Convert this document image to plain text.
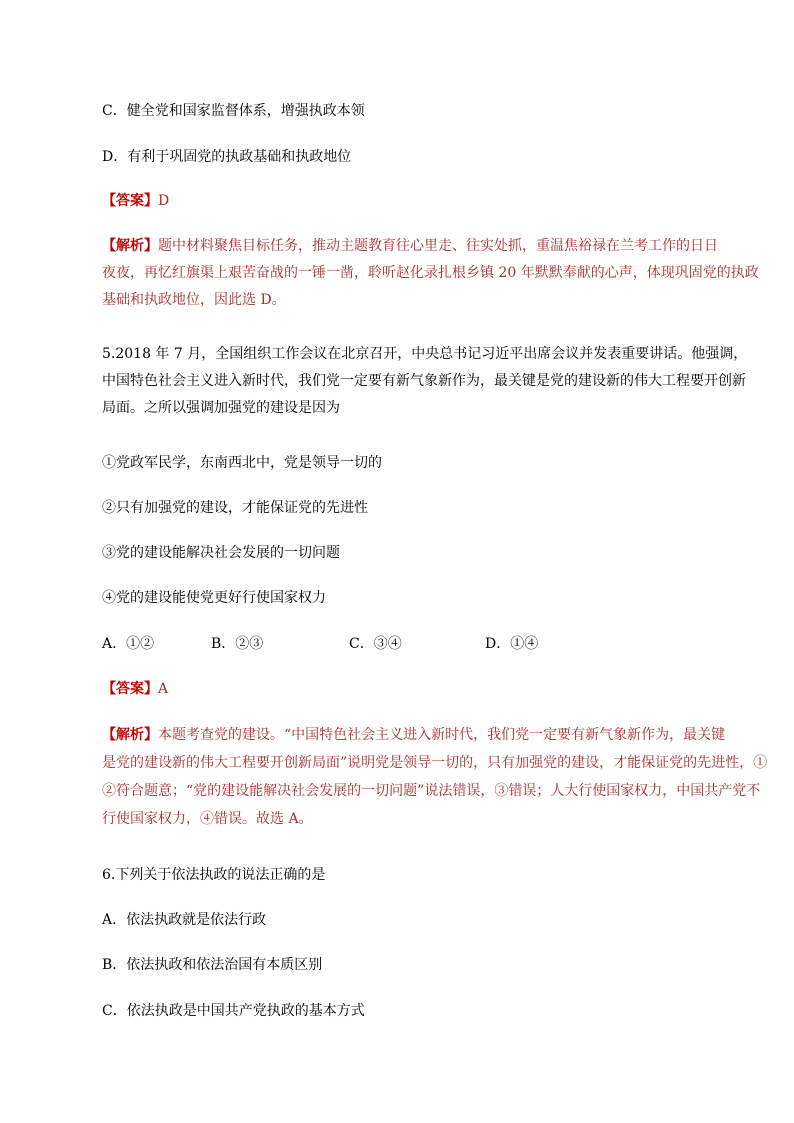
C．健全党和国家监督体系，增强执政本领
D．有利于巩固党的执政基础和执政地位
【答案】D
【解析】题中材料聚焦目标任务，推动主题教育往心里走、往实处抓，重温焦裕禄在兰考工作的日日
夜夜，再忆红旗渠上艰苦奋战的一锤一凿，聆听赵化录扎根乡镇 20 年默默奉献的心声，体现巩固党的执政
基础和执政地位，因此选 D。
5.2018 年 7 月，全国组织工作会议在北京召开，中央总书记习近平出席会议并发表重要讲话。他强调，
中国特色社会主义进入新时代，我们党一定要有新气象新作为，最关键是党的建设新的伟大工程要开创新
局面。之所以强调加强党的建设是因为
①党政军民学，东南西北中，党是领导一切的
②只有加强党的建设，才能保证党的先进性
③党的建设能解决社会发展的一切问题
④党的建设能使党更好行使国家权力
A．①②	B．②③	C．③④	D．①④
【答案】A
【解析】本题考查党的建设。“中国特色社会主义进入新时代，我们党一定要有新气象新作为，最关键
是党的建设新的伟大工程要开创新局面”说明党是领导一切的，只有加强党的建设，才能保证党的先进性，①
②符合题意；“党的建设能解决社会发展的一切问题”说法错误，③错误；人大行使国家权力，中国共产党不
行使国家权力，④错误。故选 A。
6.下列关于依法执政的说法正确的是
A．依法执政就是依法行政
B．依法执政和依法治国有本质区别
C．依法执政是中国共产党执政的基本方式
